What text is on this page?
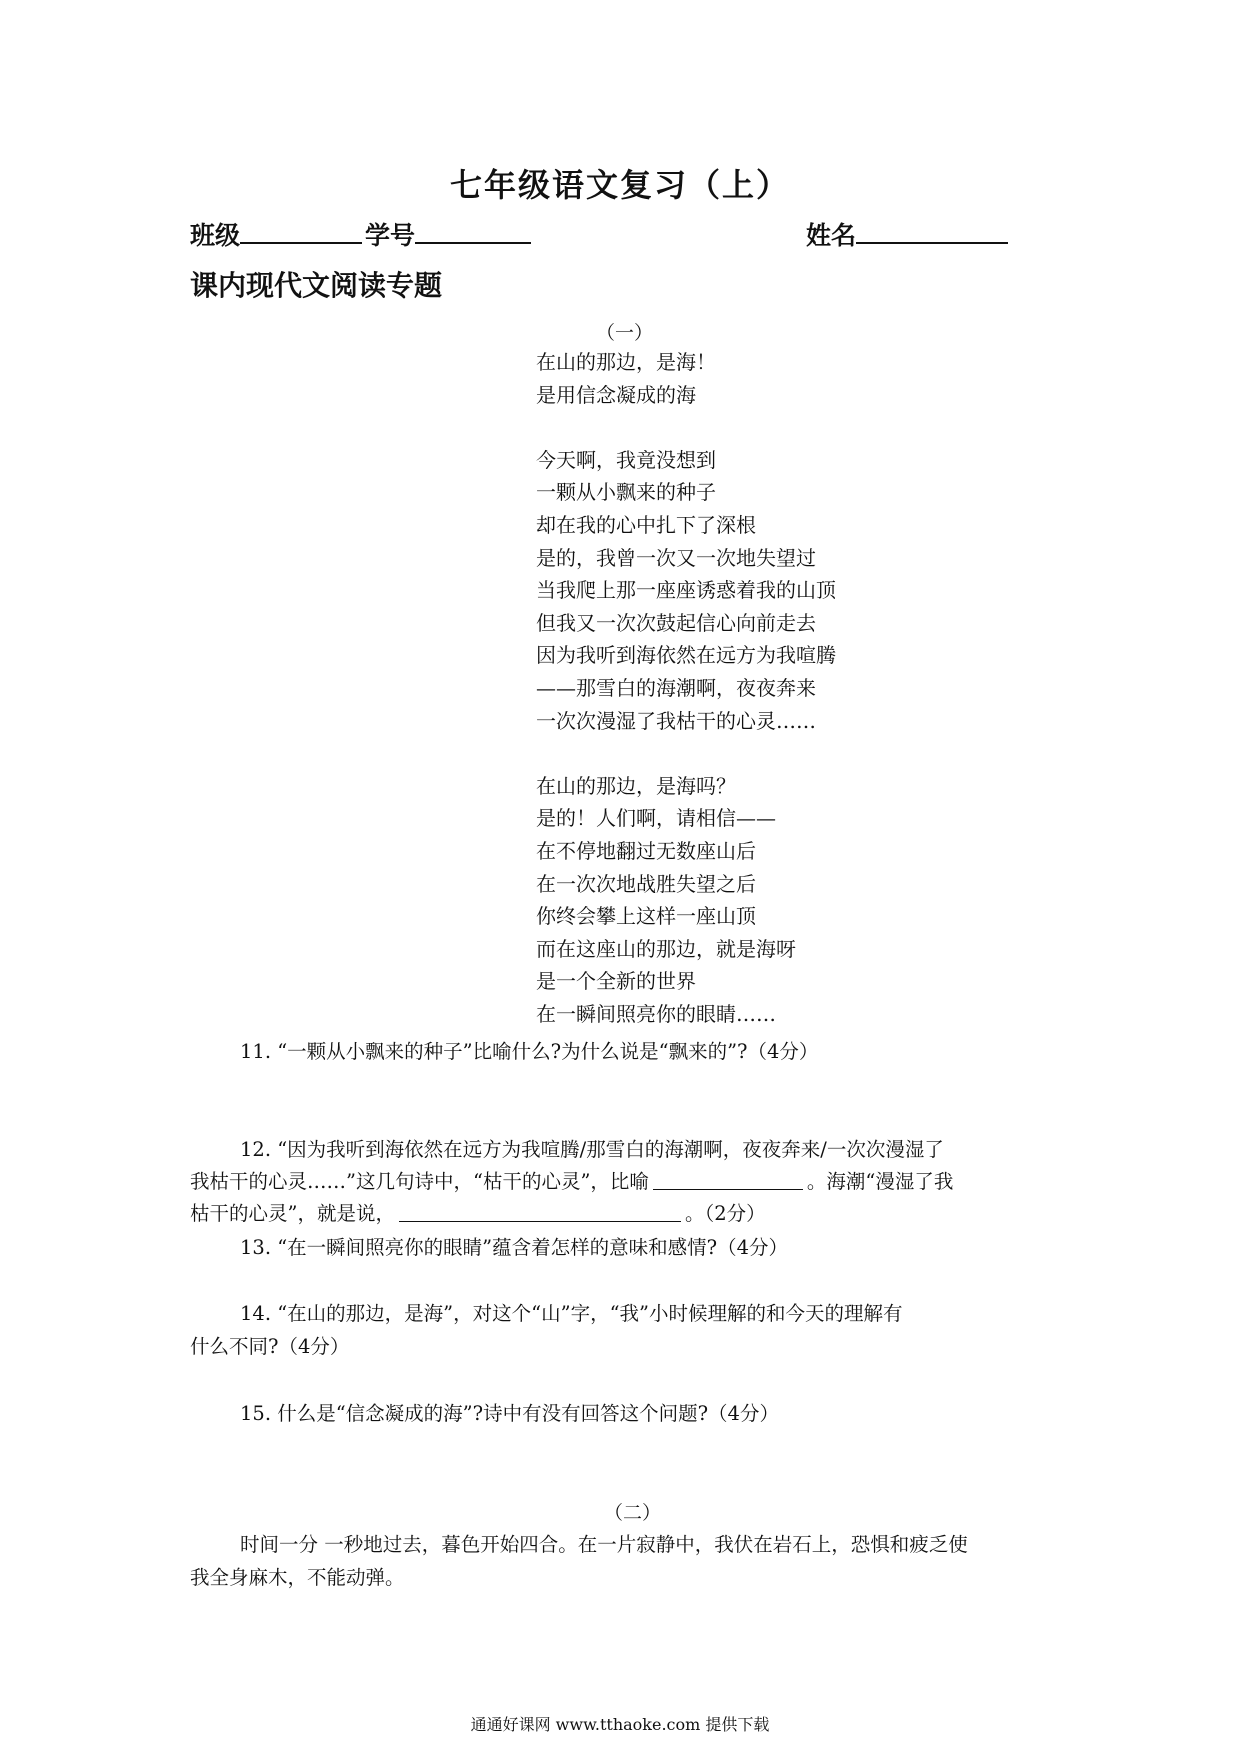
七年级语文复习（上）
班级	学号	姓名
课内现代文阅读专题
（一）
在山的那边，是海！
是用信念凝成的海

今天啊，我竟没想到
一颗从小飘来的种子
却在我的心中扎下了深根
是的，我曾一次又一次地失望过
当我爬上那一座座诱惑着我的山顶
但我又一次次鼓起信心向前走去
因为我听到海依然在远方为我喧腾
——那雪白的海潮啊，夜夜奔来
一次次漫湿了我枯干的心灵……

在山的那边，是海吗？
是的！人们啊，请相信——
在不停地翻过无数座山后
在一次次地战胜失望之后
你终会攀上这样一座山顶
而在这座山的那边，就是海呀
是一个全新的世界
在一瞬间照亮你的眼睛……
11. “一颗从小飘来的种子”比喻什么?为什么说是“飘来的”?（4分）
12. “因为我听到海依然在远方为我喧腾/那雪白的海潮啊，夜夜奔来/一次次漫湿了
我枯干的心灵……”这几句诗中，“枯干的心灵”，比喻	。海潮“漫湿了我
枯干的心灵”，就是说，	。（2分）
13. “在一瞬间照亮你的眼睛”蕴含着怎样的意味和感情?（4分）
14. “在山的那边，是海”，对这个“山”字，“我”小时候理解的和今天的理解有
什么不同?（4分）
15. 什么是“信念凝成的海”?诗中有没有回答这个问题?（4分）
（二）
时间一分 一秒地过去，暮色开始四合。在一片寂静中，我伏在岩石上，恐惧和疲乏使
我全身麻木，不能动弹。
通通好课网 www.tthaoke.com 提供下载
